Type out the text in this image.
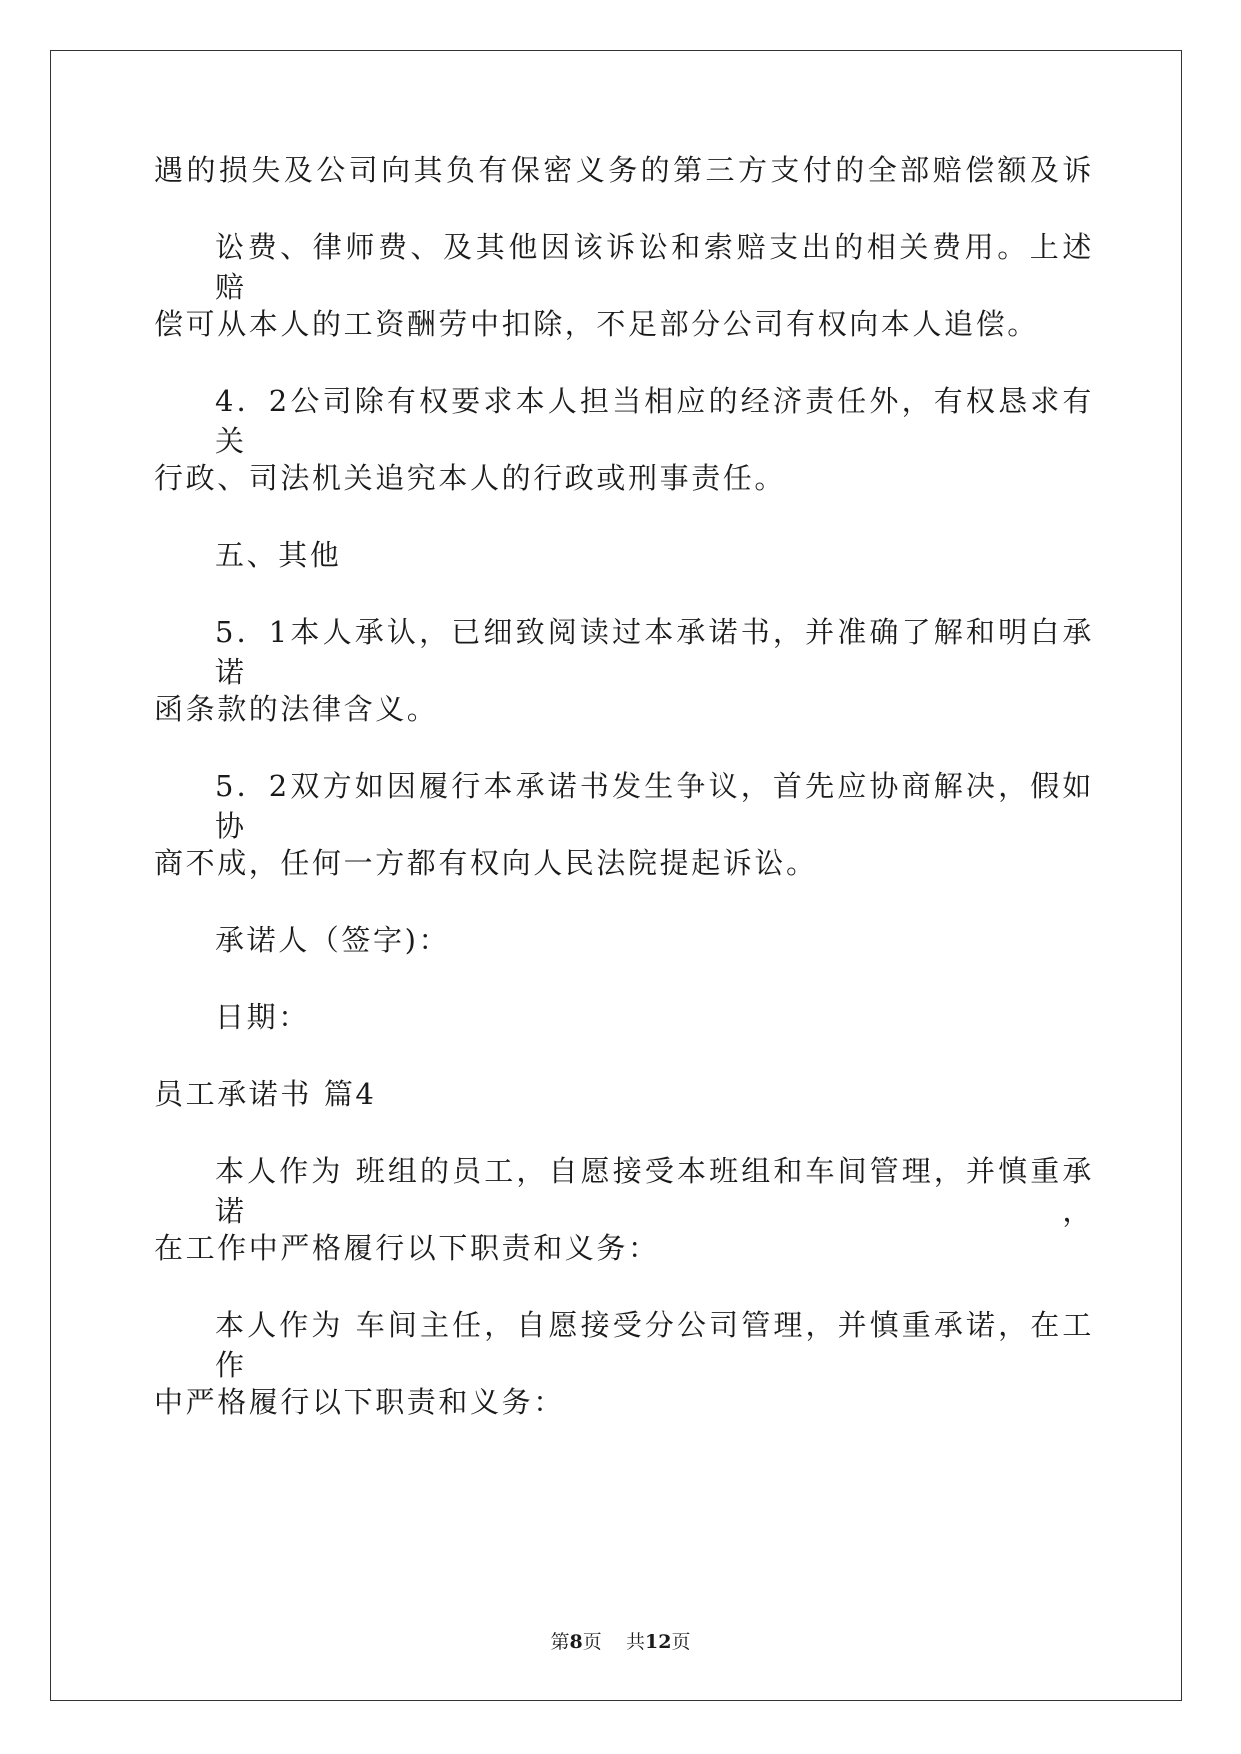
遇的损失及公司向其负有保密义务的第三方支付的全部赔偿额及诉
讼费、律师费、及其他因该诉讼和索赔支出的相关费用。上述赔
偿可从本人的工资酬劳中扣除，不足部分公司有权向本人追偿。
4．2公司除有权要求本人担当相应的经济责任外，有权恳求有关
行政、司法机关追究本人的行政或刑事责任。
五、其他
5．1本人承认，已细致阅读过本承诺书，并准确了解和明白承诺
函条款的法律含义。
5．2双方如因履行本承诺书发生争议，首先应协商解决，假如协
商不成，任何一方都有权向人民法院提起诉讼。
承诺人（签字)：
日期：
员工承诺书 篇4
本人作为 班组的员工，自愿接受本班组和车间管理，并慎重承诺，
在工作中严格履行以下职责和义务：
本人作为 车间主任，自愿接受分公司管理，并慎重承诺，在工作
中严格履行以下职责和义务：
第8页 共12页
